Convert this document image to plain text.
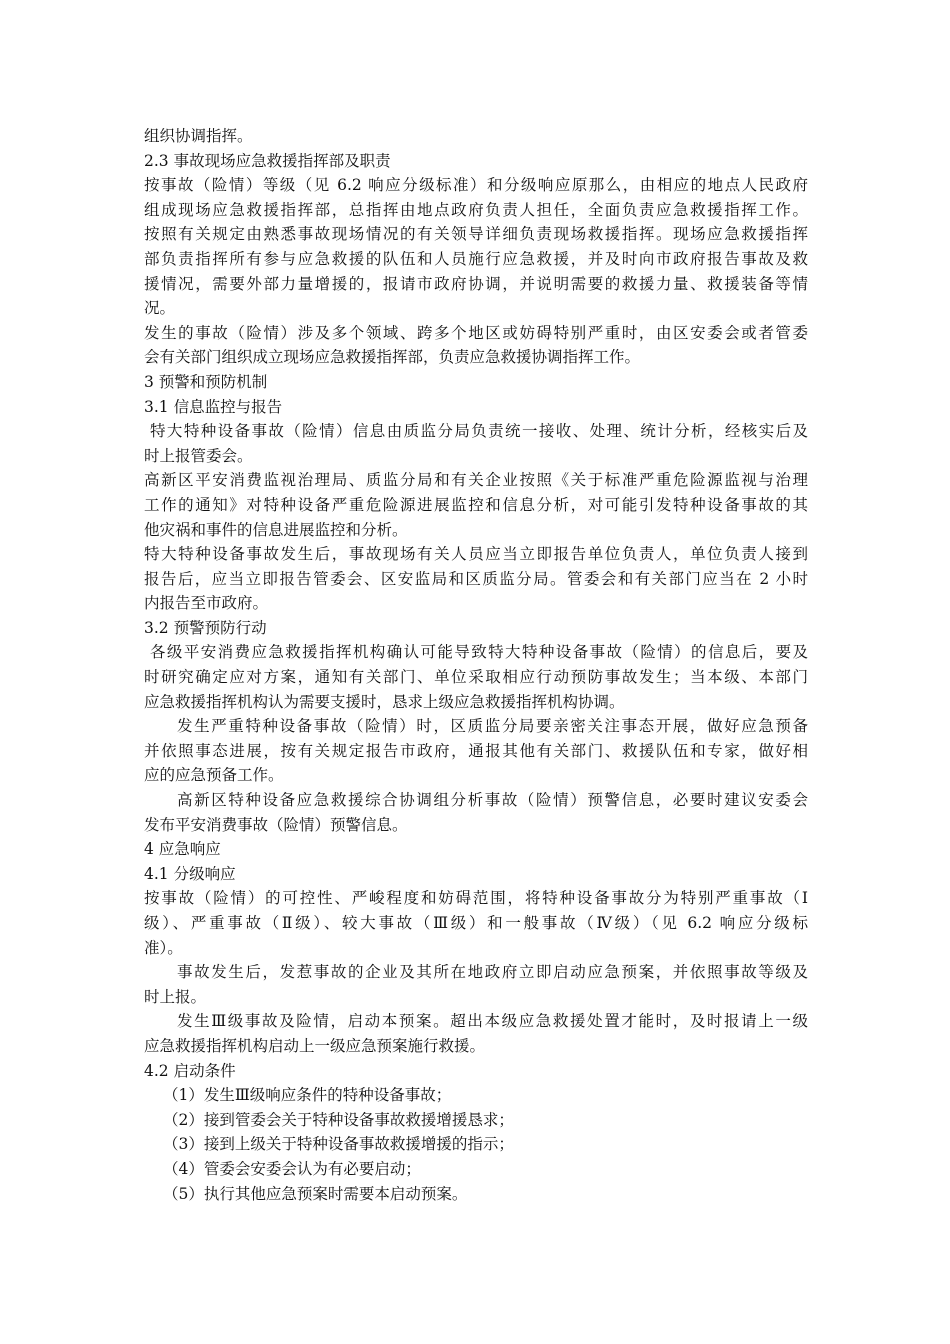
组织协调指挥。
2.3 事故现场应急救援指挥部及职责
按事故（险情）等级（见 6.2 响应分级标准）和分级响应原那么，由相应的地点人民政府
组成现场应急救援指挥部，总指挥由地点政府负责人担任，全面负责应急救援指挥工作。
按照有关规定由熟悉事故现场情况的有关领导详细负责现场救援指挥。现场应急救援指挥
部负责指挥所有参与应急救援的队伍和人员施行应急救援，并及时向市政府报告事故及救
援情况，需要外部力量增援的，报请市政府协调，并说明需要的救援力量、救援装备等情
况。
发生的事故（险情）涉及多个领域、跨多个地区或妨碍特别严重时，由区安委会或者管委
会有关部门组织成立现场应急救援指挥部，负责应急救援协调指挥工作。
3 预警和预防机制
3.1 信息监控与报告
特大特种设备事故（险情）信息由质监分局负责统一接收、处理、统计分析，经核实后及
时上报管委会。
高新区平安消费监视治理局、质监分局和有关企业按照《关于标准严重危险源监视与治理
工作的通知》对特种设备严重危险源进展监控和信息分析，对可能引发特种设备事故的其
他灾祸和事件的信息进展监控和分析。
特大特种设备事故发生后，事故现场有关人员应当立即报告单位负责人，单位负责人接到
报告后，应当立即报告管委会、区安监局和区质监分局。管委会和有关部门应当在 2 小时
内报告至市政府。
3.2 预警预防行动
各级平安消费应急救援指挥机构确认可能导致特大特种设备事故（险情）的信息后，要及
时研究确定应对方案，通知有关部门、单位采取相应行动预防事故发生；当本级、本部门
应急救援指挥机构认为需要支援时，恳求上级应急救援指挥机构协调。
发生严重特种设备事故（险情）时，区质监分局要亲密关注事态开展，做好应急预备
并依照事态进展，按有关规定报告市政府，通报其他有关部门、救援队伍和专家，做好相
应的应急预备工作。
高新区特种设备应急救援综合协调组分析事故（险情）预警信息，必要时建议安委会
发布平安消费事故（险情）预警信息。
4 应急响应
4.1 分级响应
按事故（险情）的可控性、严峻程度和妨碍范围，将特种设备事故分为特别严重事故（Ⅰ
级）、严重事故（Ⅱ级）、较大事故（Ⅲ级）和一般事故（Ⅳ级）（见 6.2 响应分级标
准）。
事故发生后，发惹事故的企业及其所在地政府立即启动应急预案，并依照事故等级及
时上报。
发生Ⅲ级事故及险情，启动本预案。超出本级应急救援处置才能时，及时报请上一级
应急救援指挥机构启动上一级应急预案施行救援。
4.2 启动条件
（1）发生Ⅲ级响应条件的特种设备事故；
（2）接到管委会关于特种设备事故救援增援恳求；
（3）接到上级关于特种设备事故救援增援的指示；
（4）管委会安委会认为有必要启动；
（5）执行其他应急预案时需要本启动预案。
